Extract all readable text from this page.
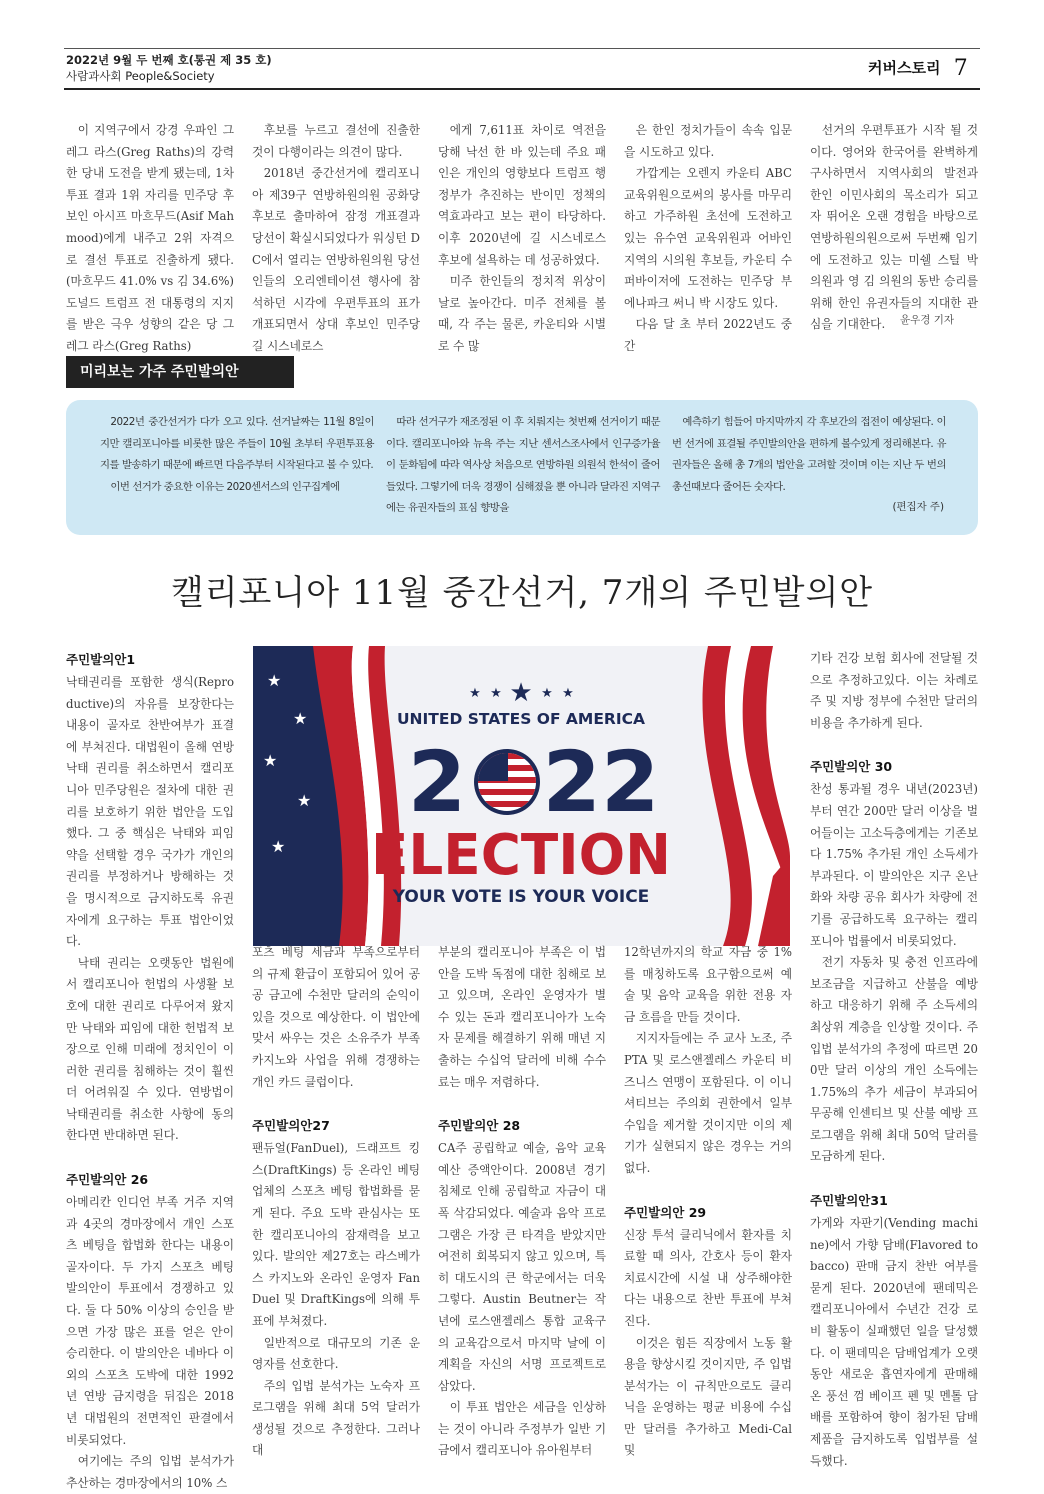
2022년 9월 두 번째 호(통권 제 35 호)
사람과사회 People&Society	커버스토리 7

이 지역구에서 강경 우파인 그레그 라스(Greg Raths)의 강력한 당내 도전을 받게 됐는데, 1차 투표 결과 1위 자리를 민주당 후보인 아시프 마흐무드(Asif Mahmood)에게 내주고 2위 자격으로 결선 투표로 진출하게 됐다.(마흐무드 41.0% vs 김 34.6%) 도널드 트럼프 전 대통령의 지지를 받은 극우 성향의 같은 당 그레그 라스(Greg Raths)

후보를 누르고 결선에 진출한 것이 다행이라는 의견이 많다.

2018년 중간선거에 캘리포니아 제39구 연방하원의원 공화당 후보로 출마하여 잠정 개표결과 당선이 확실시되었다가 워싱턴 DC에서 열리는 연방하원의원 당선인들의 오리엔테이션 행사에 참석하던 시각에 우편투표의 표가 개표되면서 상대 후보인 민주당 길 시스네로스

에게 7,611표 차이로 역전을 당해 낙선 한 바 있는데 주요 패인은 개인의 영향보다 트럼프 행정부가 추진하는 반이민 정책의 역효과라고 보는 편이 타당하다. 이후 2020년에 길 시스네로스 후보에 설욕하는 데 성공하였다.

미주 한인들의 정치적 위상이 날로 높아간다. 미주 전체를 볼 때, 각 주는 물론, 카운티와 시별로 수 많

은 한인 정치가들이 속속 입문을 시도하고 있다.

가깝게는 오렌지 카운티 ABC 교육위원으로써의 봉사를 마무리 하고 가주하원 초선에 도전하고 있는 유수연 교육위원과 어바인 지역의 시의원 후보들, 카운티 수퍼바이저에 도전하는 민주당 부에나파크 써니 박 시장도 있다.

다음 달 초 부터 2022년도 중간

선거의 우편투표가 시작 될 것이다. 영어와 한국어를 완벽하게 구사하면서 지역사회의 발전과 한인 이민사회의 목소리가 되고자 뛰어온 오랜 경험을 바탕으로 연방하원의원으로써 두번째 임기에 도전하고 있는 미쉘 스틸 박 의원과 영 김 의원의 동반 승리를 위해 한인 유권자들의 지대한 관심을 기대한다.	윤우경 기자
미리보는 가주 주민발의안

2022년 중간선거가 다가 오고 있다. 선거날짜는 11월 8일이지만 캘리포니아를 비롯한 많은 주들이 10월 초부터 우편투표용지를 발송하기 때문에 빠르면 다음주부터 시작된다고 볼 수 있다.

이번 선거가 중요한 이유는 2020센서스의 인구집계에

따라 선거구가 재조정된 이 후 치뤄지는 첫번째 선거이기 때문이다. 캘리포니아와 뉴욕 주는 지난 센서스조사에서 인구증가율이 둔화됨에 따라 역사상 처음으로 연방하원 의원석 한석이 줄어들었다. 그렇기에 더욱 경쟁이 심해졌을 뿐 아니라 달라진 지역구에는 유권자들의 표심 향방을

예측하기 힘들어 마지막까지 각 후보간의 접전이 예상된다. 이번 선거에 표결될 주민발의안을 편하게 볼수있게 정리해본다. 유권자들은 올해 총 7개의 법안을 고려할 것이며 이는 지난 두 번의 총선때보다 줄어든 숫자다.

(편집자 주)
캘리포니아 11월 중간선거, 7개의 주민발의안
★
★
★
★
★
★ ★ ★ ★ ★
UNITED STATES OF AMERICA
2 22
ELECTION
YOUR VOTE IS YOUR VOICE
주민발의안1

낙태권리를 포함한 생식(Reproductive)의 자유를 보장한다는 내용이 골자로 찬반여부가 표결에 부쳐진다. 대법원이 올해 연방 낙태 권리를 취소하면서 캘리포니아 민주당원은 절차에 대한 권리를 보호하기 위한 법안을 도입했다. 그 중 핵심은 낙태와 피임약을 선택할 경우 국가가 개인의 권리를 부정하거나 방해하는 것을 명시적으로 금지하도록 유권자에게 요구하는 투표 법안이었다.

낙태 권리는 오랫동안 법원에서 캘리포니아 헌법의 사생활 보호에 대한 권리로 다루어져 왔지만 낙태와 피임에 대한 헌법적 보장으로 인해 미래에 정치인이 이러한 권리를 침해하는 것이 훨씬 더 어려워질 수 있다. 연방법이 낙태권리를 취소한 사항에 동의한다면 반대하면 된다.

주민발의안 26

아메리칸 인디언 부족 거주 지역과 4곳의 경마장에서 개인 스포츠 베팅을 합법화 한다는 내용이 골자이다. 두 가지 스포츠 베팅 발의안이 투표에서 경쟁하고 있다. 둘 다 50% 이상의 승인을 받으면 가장 많은 표를 얻은 안이 승리한다. 이 발의안은 네바다 이외의 스포츠 도박에 대한 1992년 연방 금지령을 뒤집은 2018년 대법원의 전면적인 판결에서 비롯되었다.

여기에는 주의 입법 분석가가 추산하는 경마장에서의 10% 스

포츠 베팅 세금과 부족으로부터의 규제 환급이 포함되어 있어 공공 금고에 수천만 달러의 순익이 있을 것으로 예상한다. 이 법안에 맞서 싸우는 것은 소유주가 부족 카지노와 사업을 위해 경쟁하는 개인 카드 클럽이다.

주민발의안27

팬듀얼(FanDuel), 드래프트 킹스(DraftKings) 등 온라인 베팅 업체의 스포츠 베팅 합법화를 묻게 된다. 주요 도박 관심사는 또한 캘리포니아의 잠재력을 보고있다. 발의안 제27호는 라스베가스 카지노와 온라인 운영자 FanDuel 및 DraftKings에 의해 투표에 부쳐졌다.

일반적으로 대규모의 기존 운영자를 선호한다.

주의 입법 분석가는 노숙자 프로그램을 위해 최대 5억 달러가 생성될 것으로 추정한다. 그러나 대

부분의 캘리포니아 부족은 이 법안을 도박 독점에 대한 침해로 보고 있으며, 온라인 운영자가 별 수 있는 돈과 캘리포니아가 노숙자 문제를 해결하기 위해 매년 지출하는 수십억 달러에 비해 수수료는 매우 저렴하다.

주민발의안 28

CA주 공립학교 예술, 음악 교육 예산 증액안이다. 2008년 경기 침체로 인해 공립학교 자금이 대폭 삭감되었다. 예술과 음악 프로그램은 가장 큰 타격을 받았지만 여전히 회복되지 않고 있으며, 특히 대도시의 큰 학군에서는 더욱 그렇다. Austin Beutner는 작년에 로스앤젤레스 통합 교육구의 교육감으로서 마지막 날에 이 계획을 자신의 서명 프로젝트로 삼았다.

이 투표 법안은 세금을 인상하는 것이 아니라 주정부가 일반 기금에서 캘리포니아 유아원부터

12학년까지의 학교 자금 중 1%를 매칭하도록 요구함으로써 예술 및 음악 교육을 위한 전용 자금 흐름을 만들 것이다.

지지자들에는 주 교사 노조, 주 PTA 및 로스앤젤레스 카운티 비즈니스 연맹이 포함된다. 이 이니셔티브는 주의회 권한에서 일부 수입을 제거할 것이지만 이의 제기가 실현되지 않은 경우는 거의 없다.

주민발의안 29

신장 투석 클리닉에서 환자를 치료할 때 의사, 간호사 등이 환자 치료시간에 시설 내 상주해야한 다는 내용으로 찬반 투표에 부쳐진다.

이것은 힘든 직장에서 노동 활용을 향상시킬 것이지만, 주 입법 분석가는 이 규칙만으로도 클리닉을 운영하는 평균 비용에 수십만 달러를 추가하고 Medi-Cal 및

기타 건강 보험 회사에 전달될 것으로 추정하고있다. 이는 차례로 주 및 지방 정부에 수천만 달러의 비용을 추가하게 된다.

주민발의안 30

찬성 통과될 경우 내년(2023년)부터 연간 200만 달러 이상을 벌어들이는 고소득층에게는 기존보다 1.75% 추가된 개인 소득세가 부과된다. 이 발의안은 지구 온난화와 차량 공유 회사가 차량에 전기를 공급하도록 요구하는 캘리포니아 법률에서 비롯되었다.

전기 자동차 및 충전 인프라에 보조금을 지급하고 산불을 예방하고 대응하기 위해 주 소득세의 최상위 계층을 인상할 것이다. 주 입법 분석가의 추정에 따르면 200만 달러 이상의 개인 소득에는 1.75%의 추가 세금이 부과되어 무공해 인센티브 및 산불 예방 프로그램을 위해 최대 50억 달러를 모금하게 된다.

주민발의안31

가게와 자판기(Vending machine)에서 가향 담배(Flavored tobacco) 판매 금지 찬반 여부를 묻게 된다. 2020년에 팬데믹은 캘리포니아에서 수년간 건강 로비 활동이 실패했던 일을 달성했다. 이 팬데믹은 담배업계가 오랫동안 새로운 흡연자에게 판매해 온 풍선 껌 베이프 펜 및 멘톨 담배를 포함하여 향이 첨가된 담배 제품을 금지하도록 입법부를 설득했다.
